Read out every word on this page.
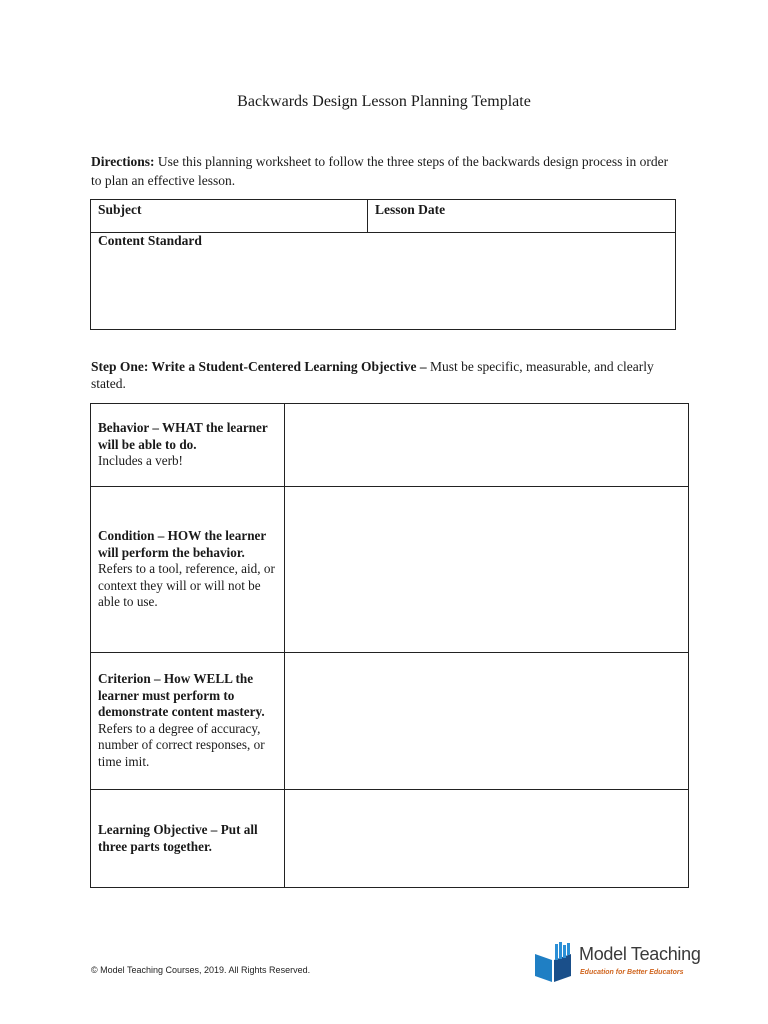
Backwards Design Lesson Planning Template
Directions: Use this planning worksheet to follow the three steps of the backwards design process in order to plan an effective lesson.
Subject	Lesson Date
Content Standard
Step One: Write a Student-Centered Learning Objective – Must be specific, measurable, and clearly stated.
Behavior – WHAT the learner will be able to do.
Includes a verb!
Condition – HOW the learner will perform the behavior.
Refers to a tool, reference, aid, or context they will or will not be able to use.
Criterion – How WELL the learner must perform to demonstrate content mastery.
Refers to a degree of accuracy, number of correct responses, or time imit.
Learning Objective – Put all three parts together.
© Model Teaching Courses, 2019. All Rights Reserved.
Model Teaching
Education for Better Educators
